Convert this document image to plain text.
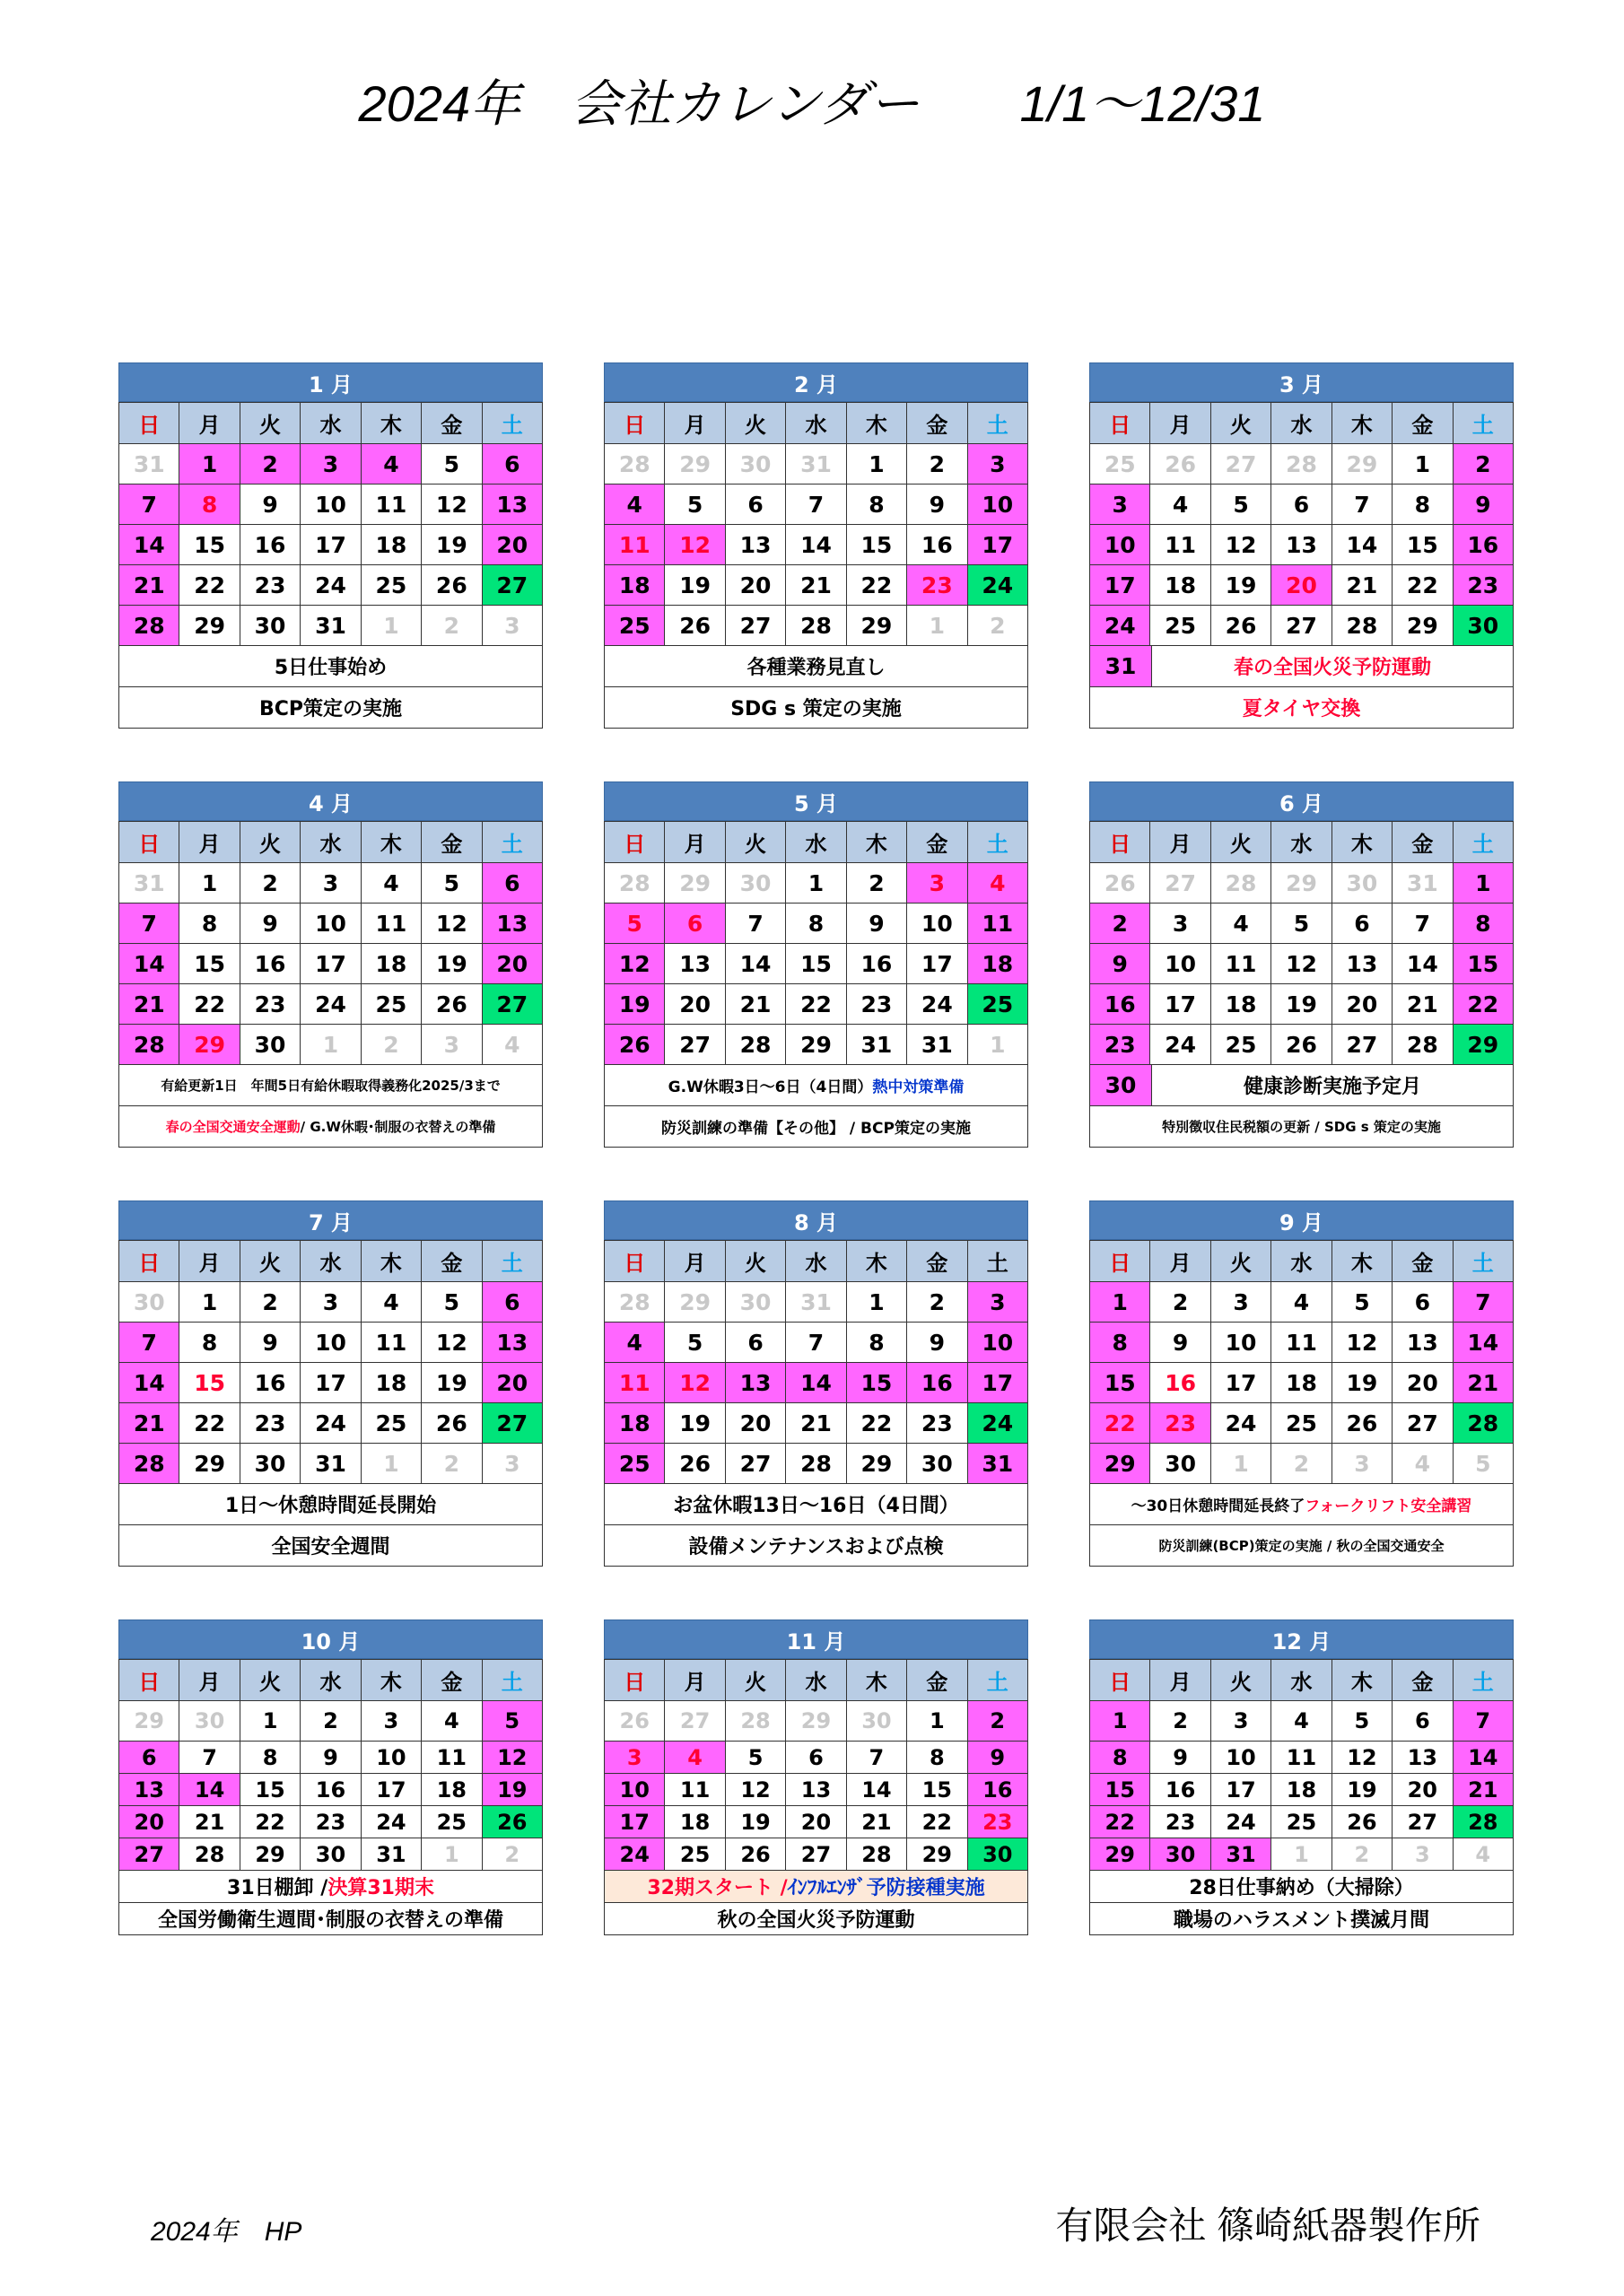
2024年　会社カレンダー　　1/1～12/31
1 月
日	月	火	水	木	金	土
31	1	2	3	4	5	6
7	8	9	10	11	12	13
14	15	16	17	18	19	20
21	22	23	24	25	26	27
28	29	30	31	1	2	3
5日仕事始め
BCP策定の実施
2 月
日	月	火	水	木	金	土
28	29	30	31	1	2	3
4	5	6	7	8	9	10
11	12	13	14	15	16	17
18	19	20	21	22	23	24
25	26	27	28	29	1	2
各種業務見直し
SDG s 策定の実施
3 月
日	月	火	水	木	金	土
25	26	27	28	29	1	2
3	4	5	6	7	8	9
10	11	12	13	14	15	16
17	18	19	20	21	22	23
24	25	26	27	28	29	30
31	春の全国火災予防運動
夏タイヤ交換
4 月
日	月	火	水	木	金	土
31	1	2	3	4	5	6
7	8	9	10	11	12	13
14	15	16	17	18	19	20
21	22	23	24	25	26	27
28	29	30	1	2	3	4
有給更新1日　年間5日有給休暇取得義務化2025/3まで
春の全国交通安全運動 / G.W休暇･制服の衣替えの準備
5 月
日	月	火	水	木	金	土
28	29	30	1	2	3	4
5	6	7	8	9	10	11
12	13	14	15	16	17	18
19	20	21	22	23	24	25
26	27	28	29	31	31	1
G.W休暇3日～6日（4日間） 熱中対策準備
防災訓練の準備【その他】 / BCP策定の実施
6 月
日	月	火	水	木	金	土
26	27	28	29	30	31	1
2	3	4	5	6	7	8
9	10	11	12	13	14	15
16	17	18	19	20	21	22
23	24	25	26	27	28	29
30	健康診断実施予定月
特別徴収住民税額の更新 / SDG s 策定の実施
7 月
日	月	火	水	木	金	土
30	1	2	3	4	5	6
7	8	9	10	11	12	13
14	15	16	17	18	19	20
21	22	23	24	25	26	27
28	29	30	31	1	2	3
1日～休憩時間延長開始
全国安全週間
8 月
日	月	火	水	木	金	土
28	29	30	31	1	2	3
4	5	6	7	8	9	10
11	12	13	14	15	16	17
18	19	20	21	22	23	24
25	26	27	28	29	30	31
お盆休暇13日～16日（4日間）
設備メンテナンスおよび点検
9 月
日	月	火	水	木	金	土
1	2	3	4	5	6	7
8	9	10	11	12	13	14
15	16	17	18	19	20	21
22	23	24	25	26	27	28
29	30	1	2	3	4	5
～30日休憩時間延長終了 フォークリフト安全講習
防災訓練(BCP)策定の実施 / 秋の全国交通安全
10 月
日	月	火	水	木	金	土
29	30	1	2	3	4	5
6	7	8	9	10	11	12
13	14	15	16	17	18	19
20	21	22	23	24	25	26
27	28	29	30	31	1	2
31日棚卸 / 決算31期末
全国労働衛生週間･制服の衣替えの準備
11 月
日	月	火	水	木	金	土
26	27	28	29	30	1	2
3	4	5	6	7	8	9
10	11	12	13	14	15	16
17	18	19	20	21	22	23
24	25	26	27	28	29	30
32期スタート / ｲﾝﾌﾙｴﾝｻﾞ予防接種実施
秋の全国火災予防運動
12 月
日	月	火	水	木	金	土
1	2	3	4	5	6	7
8	9	10	11	12	13	14
15	16	17	18	19	20	21
22	23	24	25	26	27	28
29	30	31	1	2	3	4
28日仕事納め（大掃除）
職場のハラスメント撲滅月間
2024年　HP	有限会社 篠崎紙器製作所
